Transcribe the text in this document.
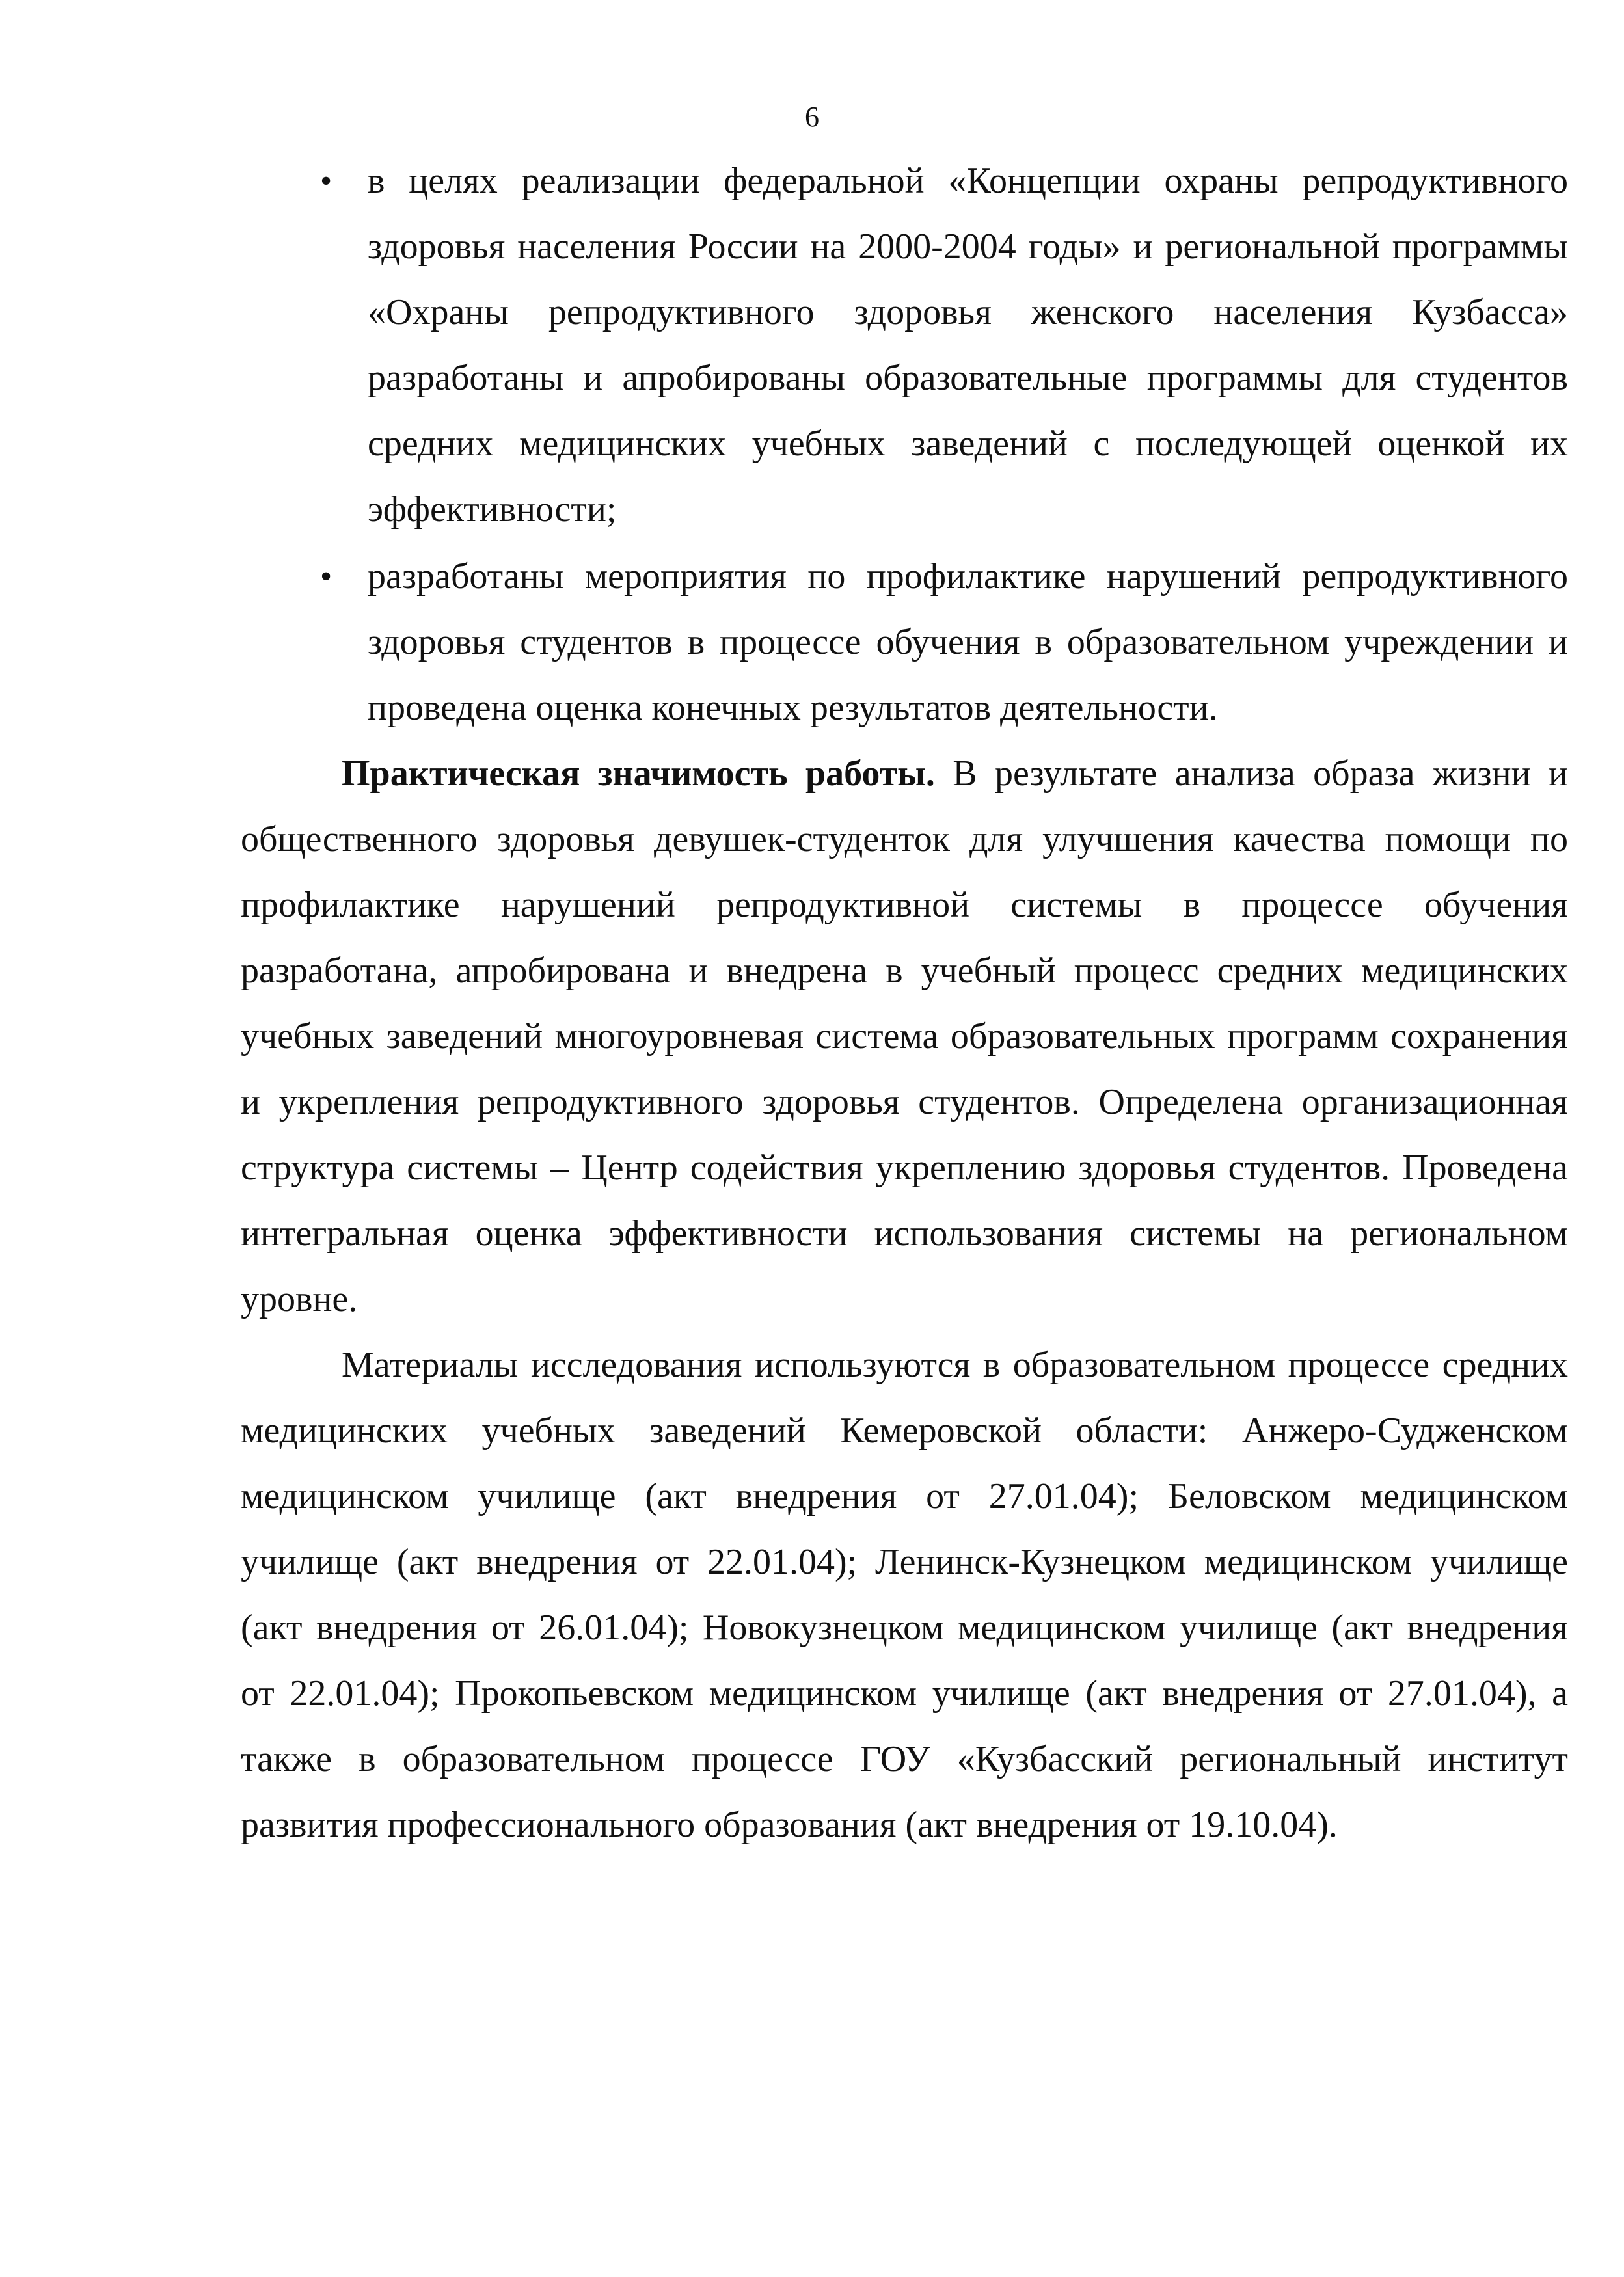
6
• в целях реализации федеральной «Концепции охраны репродуктивного здоровья населения России на 2000-2004 годы» и региональной программы «Охраны репродуктивного здоровья женского населения Кузбасса» разработаны и апробированы образовательные программы для студентов средних медицинских учебных заведений с последующей оценкой их эффективности;
• разработаны мероприятия по профилактике нарушений репродуктивного здоровья студентов в процессе обучения в образовательном учреждении и проведена оценка конечных результатов деятельности.

Практическая значимость работы. В результате анализа образа жизни и общественного здоровья девушек-студенток для улучшения качества помощи по профилактике нарушений репродуктивной системы в процессе обучения разработана, апробирована и внедрена в учебный процесс средних медицинских учебных заведений многоуровневая система образовательных программ сохранения и укрепления репродуктивного здоровья студентов. Определена организационная структура системы – Центр содействия укреплению здоровья студентов. Проведена интегральная оценка эффективности использования системы на региональном уровне.

Материалы исследования используются в образовательном процессе средних медицинских учебных заведений Кемеровской области: Анжеро-Судженском медицинском училище (акт внедрения от 27.01.04); Беловском медицинском училище (акт внедрения от 22.01.04); Ленинск-Кузнецком медицинском училище (акт внедрения от 26.01.04); Новокузнецком медицинском училище (акт внедрения от 22.01.04); Прокопьевском медицинском училище (акт внедрения от 27.01.04), а также в образовательном процессе ГОУ «Кузбасский региональный институт развития профессионального образования (акт внедрения от 19.10.04).
